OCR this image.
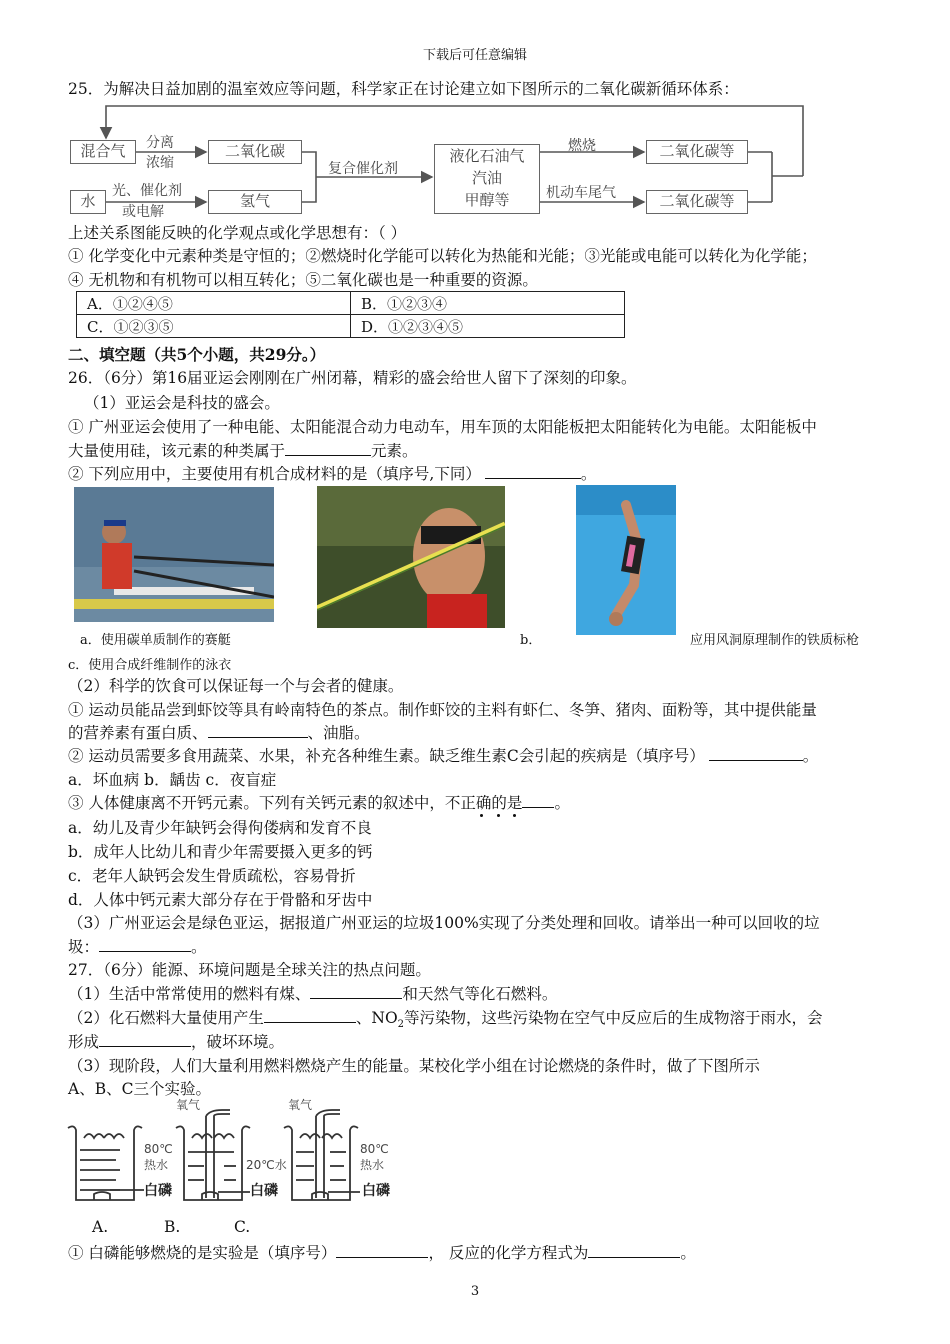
下载后可任意编辑
25．为解决日益加剧的温室效应等问题，科学家正在讨论建立如下图所示的二氧化碳新循环体系：
混合气
水
分离
浓缩
光、催化剂
或电解
二氧化碳
氢气
复合催化剂
液化石油气
汽油
甲醇等
燃烧
机动车尾气
二氧化碳等
二氧化碳等
上述关系图能反映的化学观点或化学思想有：（ ）
① 化学变化中元素种类是守恒的；②燃烧时化学能可以转化为热能和光能；③光能或电能可以转化为化学能；
④ 无机物和有机物可以相互转化；⑤二氧化碳也是一种重要的资源。
A．①②④⑤	B．①②③④
C．①②③⑤	D．①②③④⑤
二、填空题（共5个小题，共29分。）
26．（6分）第16届亚运会刚刚在广州闭幕，精彩的盛会给世人留下了深刻的印象。
（1）亚运会是科技的盛会。
① 广州亚运会使用了一种电能、太阳能混合动力电动车，用车顶的太阳能板把太阳能转化为电能。太阳能板中
大量使用硅，该元素的种类属于	元素。
② 下列应用中，主要使用有机合成材料的是（填序号,下同）	。
a．使用碳单质制作的赛艇	b．	应用风洞原理制作的铁质标枪
c．使用合成纤维制作的泳衣
（2）科学的饮食可以保证每一个与会者的健康。
① 运动员能品尝到虾饺等具有岭南特色的茶点。制作虾饺的主料有虾仁、冬笋、猪肉、面粉等，其中提供能量
的营养素有蛋白质、	、油脂。
② 运动员需要多食用蔬菜、水果，补充各种维生素。缺乏维生素C会引起的疾病是（填序号）	。
a．坏血病 b．龋齿 c．夜盲症
③ 人体健康离不开钙元素。下列有关钙元素的叙述中，不正确的是 。
a．幼儿及青少年缺钙会得佝偻病和发育不良
b．成年人比幼儿和青少年需要摄入更多的钙
c．老年人缺钙会发生骨质疏松，容易骨折
d．人体中钙元素大部分存在于骨骼和牙齿中
（3）广州亚运会是绿色亚运，据报道广州亚运的垃圾100%实现了分类处理和回收。请举出一种可以回收的垃
圾：	。
27．（6分）能源、环境问题是全球关注的热点问题。
（1）生活中常常使用的燃料有煤、	和天然气等化石燃料。
（2）化石燃料大量使用产生	、$NO_2$等污染物，这些污染物在空气中反应后的生成物溶于雨水，会
形成	，破坏环境。
（3）现阶段，人们大量利用燃料燃烧产生的能量。某校化学小组在讨论燃烧的条件时，做了下图所示
A、B、C三个实验。
氧气	氧气
80℃
热水	20℃水
80℃
热水
白磷	白磷	白磷
A.	B.	C.
① 白磷能够燃烧的是实验是（填序号）	， 反应的化学方程式为	。
3
